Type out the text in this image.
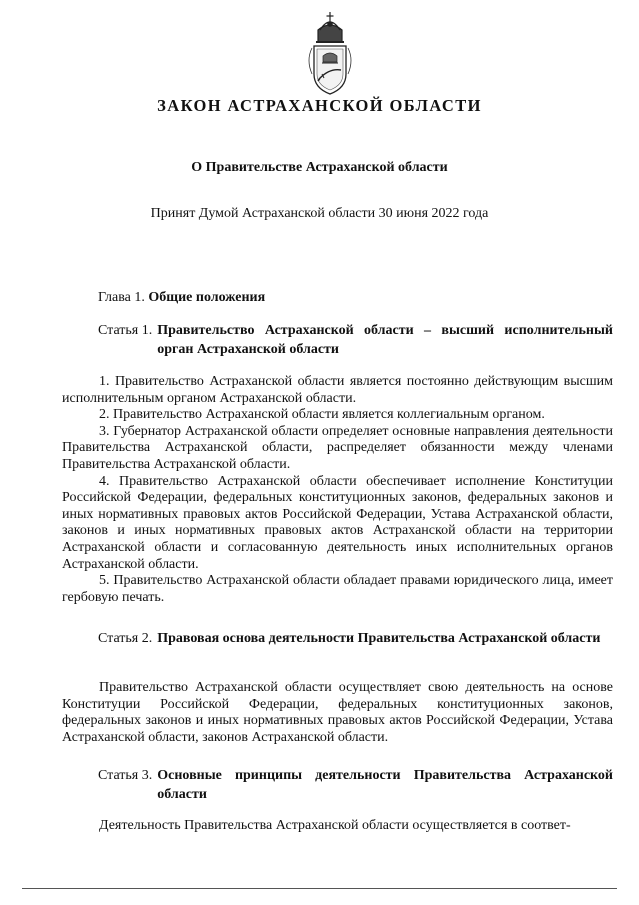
ЗАКОН АСТРАХАНСКОЙ ОБЛАСТИ
О Правительстве Астраханской области
Принят Думой Астраханской области 30 июня 2022 года
Глава 1. Общие положения
Статья 1. Правительство Астраханской области – высший исполнительный орган Астраханской области

1. Правительство Астраханской области является постоянно действующим высшим исполнительным органом Астраханской области.

2. Правительство Астраханской области является коллегиальным органом.

3. Губернатор Астраханской области определяет основные направления деятельности Правительства Астраханской области, распределяет обязанности между членами Правительства Астраханской области.

4. Правительство Астраханской области обеспечивает исполнение Конституции Российской Федерации, федеральных конституционных законов, федеральных законов и иных нормативных правовых актов Российской Федерации, Устава Астраханской области, законов и иных нормативных правовых актов Астраханской области на территории Астраханской области и согласованную деятельность иных исполнительных органов Астраханской области.

5. Правительство Астраханской области обладает правами юридического лица, имеет гербовую печать.

Статья 2. Правовая основа деятельности Правительства Астраханской области

Правительство Астраханской области осуществляет свою деятельность на основе Конституции Российской Федерации, федеральных конституционных законов, федеральных законов и иных нормативных правовых актов Российской Федерации, Устава Астраханской области, законов Астраханской области.

Статья 3. Основные принципы деятельности Правительства Астраханской области

Деятельность Правительства Астраханской области осуществляется в соответ-
